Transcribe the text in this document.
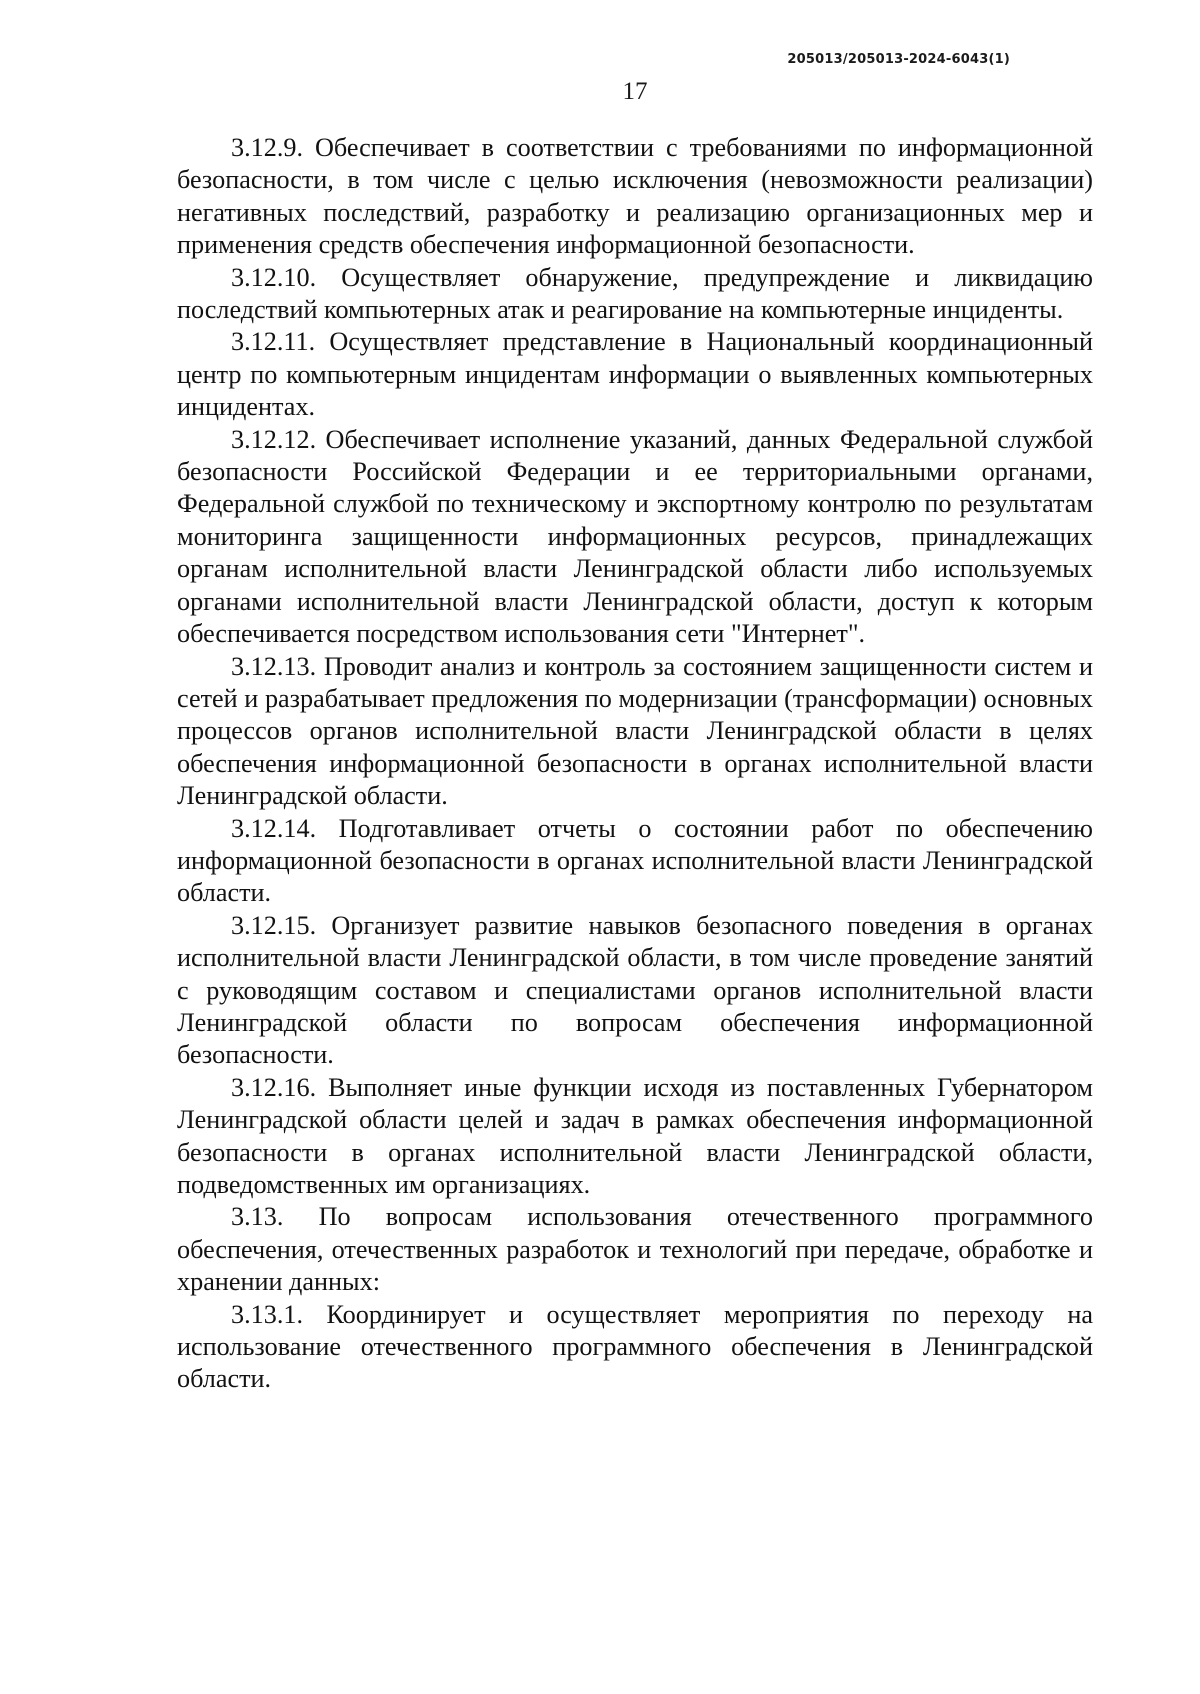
205013/205013-2024-6043(1)
17

3.12.9. Обеспечивает в соответствии с требованиями по информационной безопасности, в том числе с целью исключения (невозможности реализации) негативных последствий, разработку и реализацию организационных мер и применения средств обеспечения информационной безопасности.

3.12.10. Осуществляет обнаружение, предупреждение и ликвидацию последствий компьютерных атак и реагирование на компьютерные инциденты.

3.12.11. Осуществляет представление в Национальный координационный центр по компьютерным инцидентам информации о выявленных компьютерных инцидентах.

3.12.12. Обеспечивает исполнение указаний, данных Федеральной службой безопасности Российской Федерации и ее территориальными органами, Федеральной службой по техническому и экспортному контролю по результатам мониторинга защищенности информационных ресурсов, принадлежащих органам исполнительной власти Ленинградской области либо используемых органами исполнительной власти Ленинградской области, доступ к которым обеспечивается посредством использования сети "Интернет".

3.12.13. Проводит анализ и контроль за состоянием защищенности систем и сетей и разрабатывает предложения по модернизации (трансформации) основных процессов органов исполнительной власти Ленинградской области в целях обеспечения информационной безопасности в органах исполнительной власти Ленинградской области.

3.12.14. Подготавливает отчеты о состоянии работ по обеспечению информационной безопасности в органах исполнительной власти Ленинградской области.

3.12.15. Организует развитие навыков безопасного поведения в органах исполнительной власти Ленинградской области, в том числе проведение занятий с руководящим составом и специалистами органов исполнительной власти Ленинградской области по вопросам обеспечения информационной безопасности.

3.12.16. Выполняет иные функции исходя из поставленных Губернатором Ленинградской области целей и задач в рамках обеспечения информационной безопасности в органах исполнительной власти Ленинградской области, подведомственных им организациях.

3.13. По вопросам использования отечественного программного обеспечения, отечественных разработок и технологий при передаче, обработке и хранении данных:

3.13.1. Координирует и осуществляет мероприятия по переходу на использование отечественного программного обеспечения в Ленинградской области.
